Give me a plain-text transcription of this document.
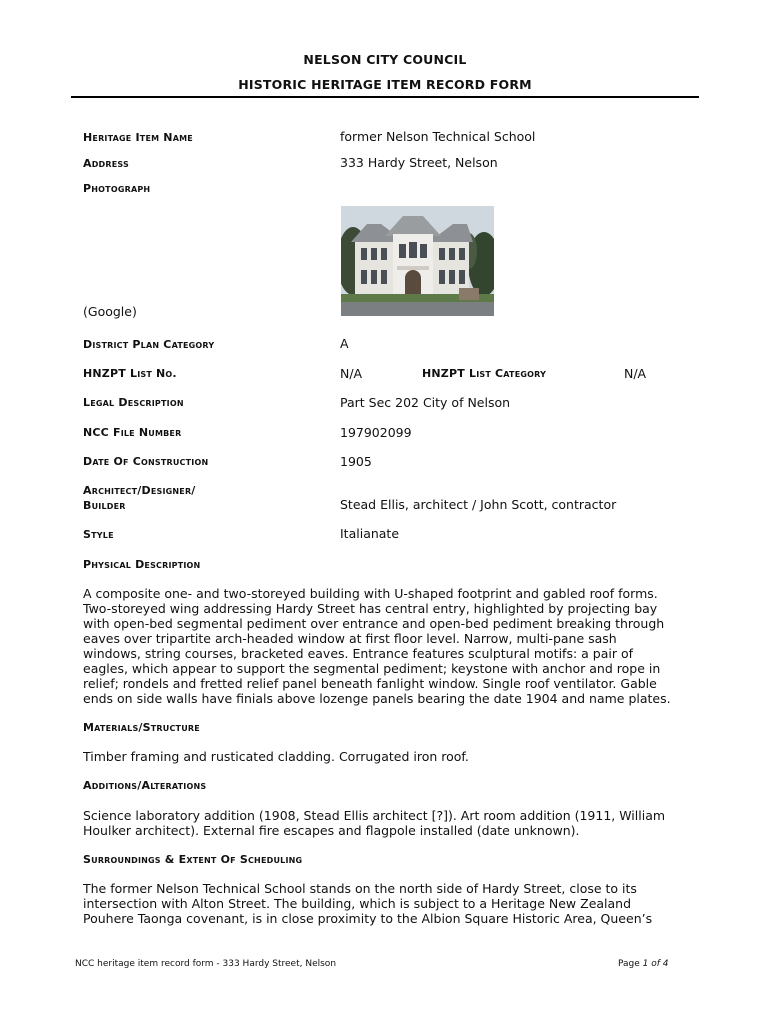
NELSON CITY COUNCIL
HISTORIC HERITAGE ITEM RECORD FORM
Heritage Item Name	former Nelson Technical School
Address	333 Hardy Street, Nelson
Photograph
(Google)
District Plan Category	A
HNZPT List No.	N/A	HNZPT List Category	N/A
Legal Description	Part Sec 202 City of Nelson
NCC File Number	197902099
Date Of Construction	1905
Architect/Designer/
Builder	Stead Ellis, architect / John Scott, contractor
Style	Italianate
Physical Description
A composite one- and two-storeyed building with U-shaped footprint and gabled roof forms.
Two-storeyed wing addressing Hardy Street has central entry, highlighted by projecting bay
with open-bed segmental pediment over entrance and open-bed pediment breaking through
eaves over tripartite arch-headed window at first floor level. Narrow, multi-pane sash
windows, string courses, bracketed eaves. Entrance features sculptural motifs: a pair of
eagles, which appear to support the segmental pediment; keystone with anchor and rope in
relief; rondels and fretted relief panel beneath fanlight window. Single roof ventilator. Gable
ends on side walls have finials above lozenge panels bearing the date 1904 and name plates.
Materials/Structure
Timber framing and rusticated cladding. Corrugated iron roof.
Additions/Alterations
Science laboratory addition (1908, Stead Ellis architect [?]). Art room addition (1911, William
Houlker architect). External fire escapes and flagpole installed (date unknown).
Surroundings & Extent Of Scheduling
The former Nelson Technical School stands on the north side of Hardy Street, close to its
intersection with Alton Street. The building, which is subject to a Heritage New Zealand
Pouhere Taonga covenant, is in close proximity to the Albion Square Historic Area, Queen’s
NCC heritage item record form - 333 Hardy Street, Nelson	Page 1 of 4
